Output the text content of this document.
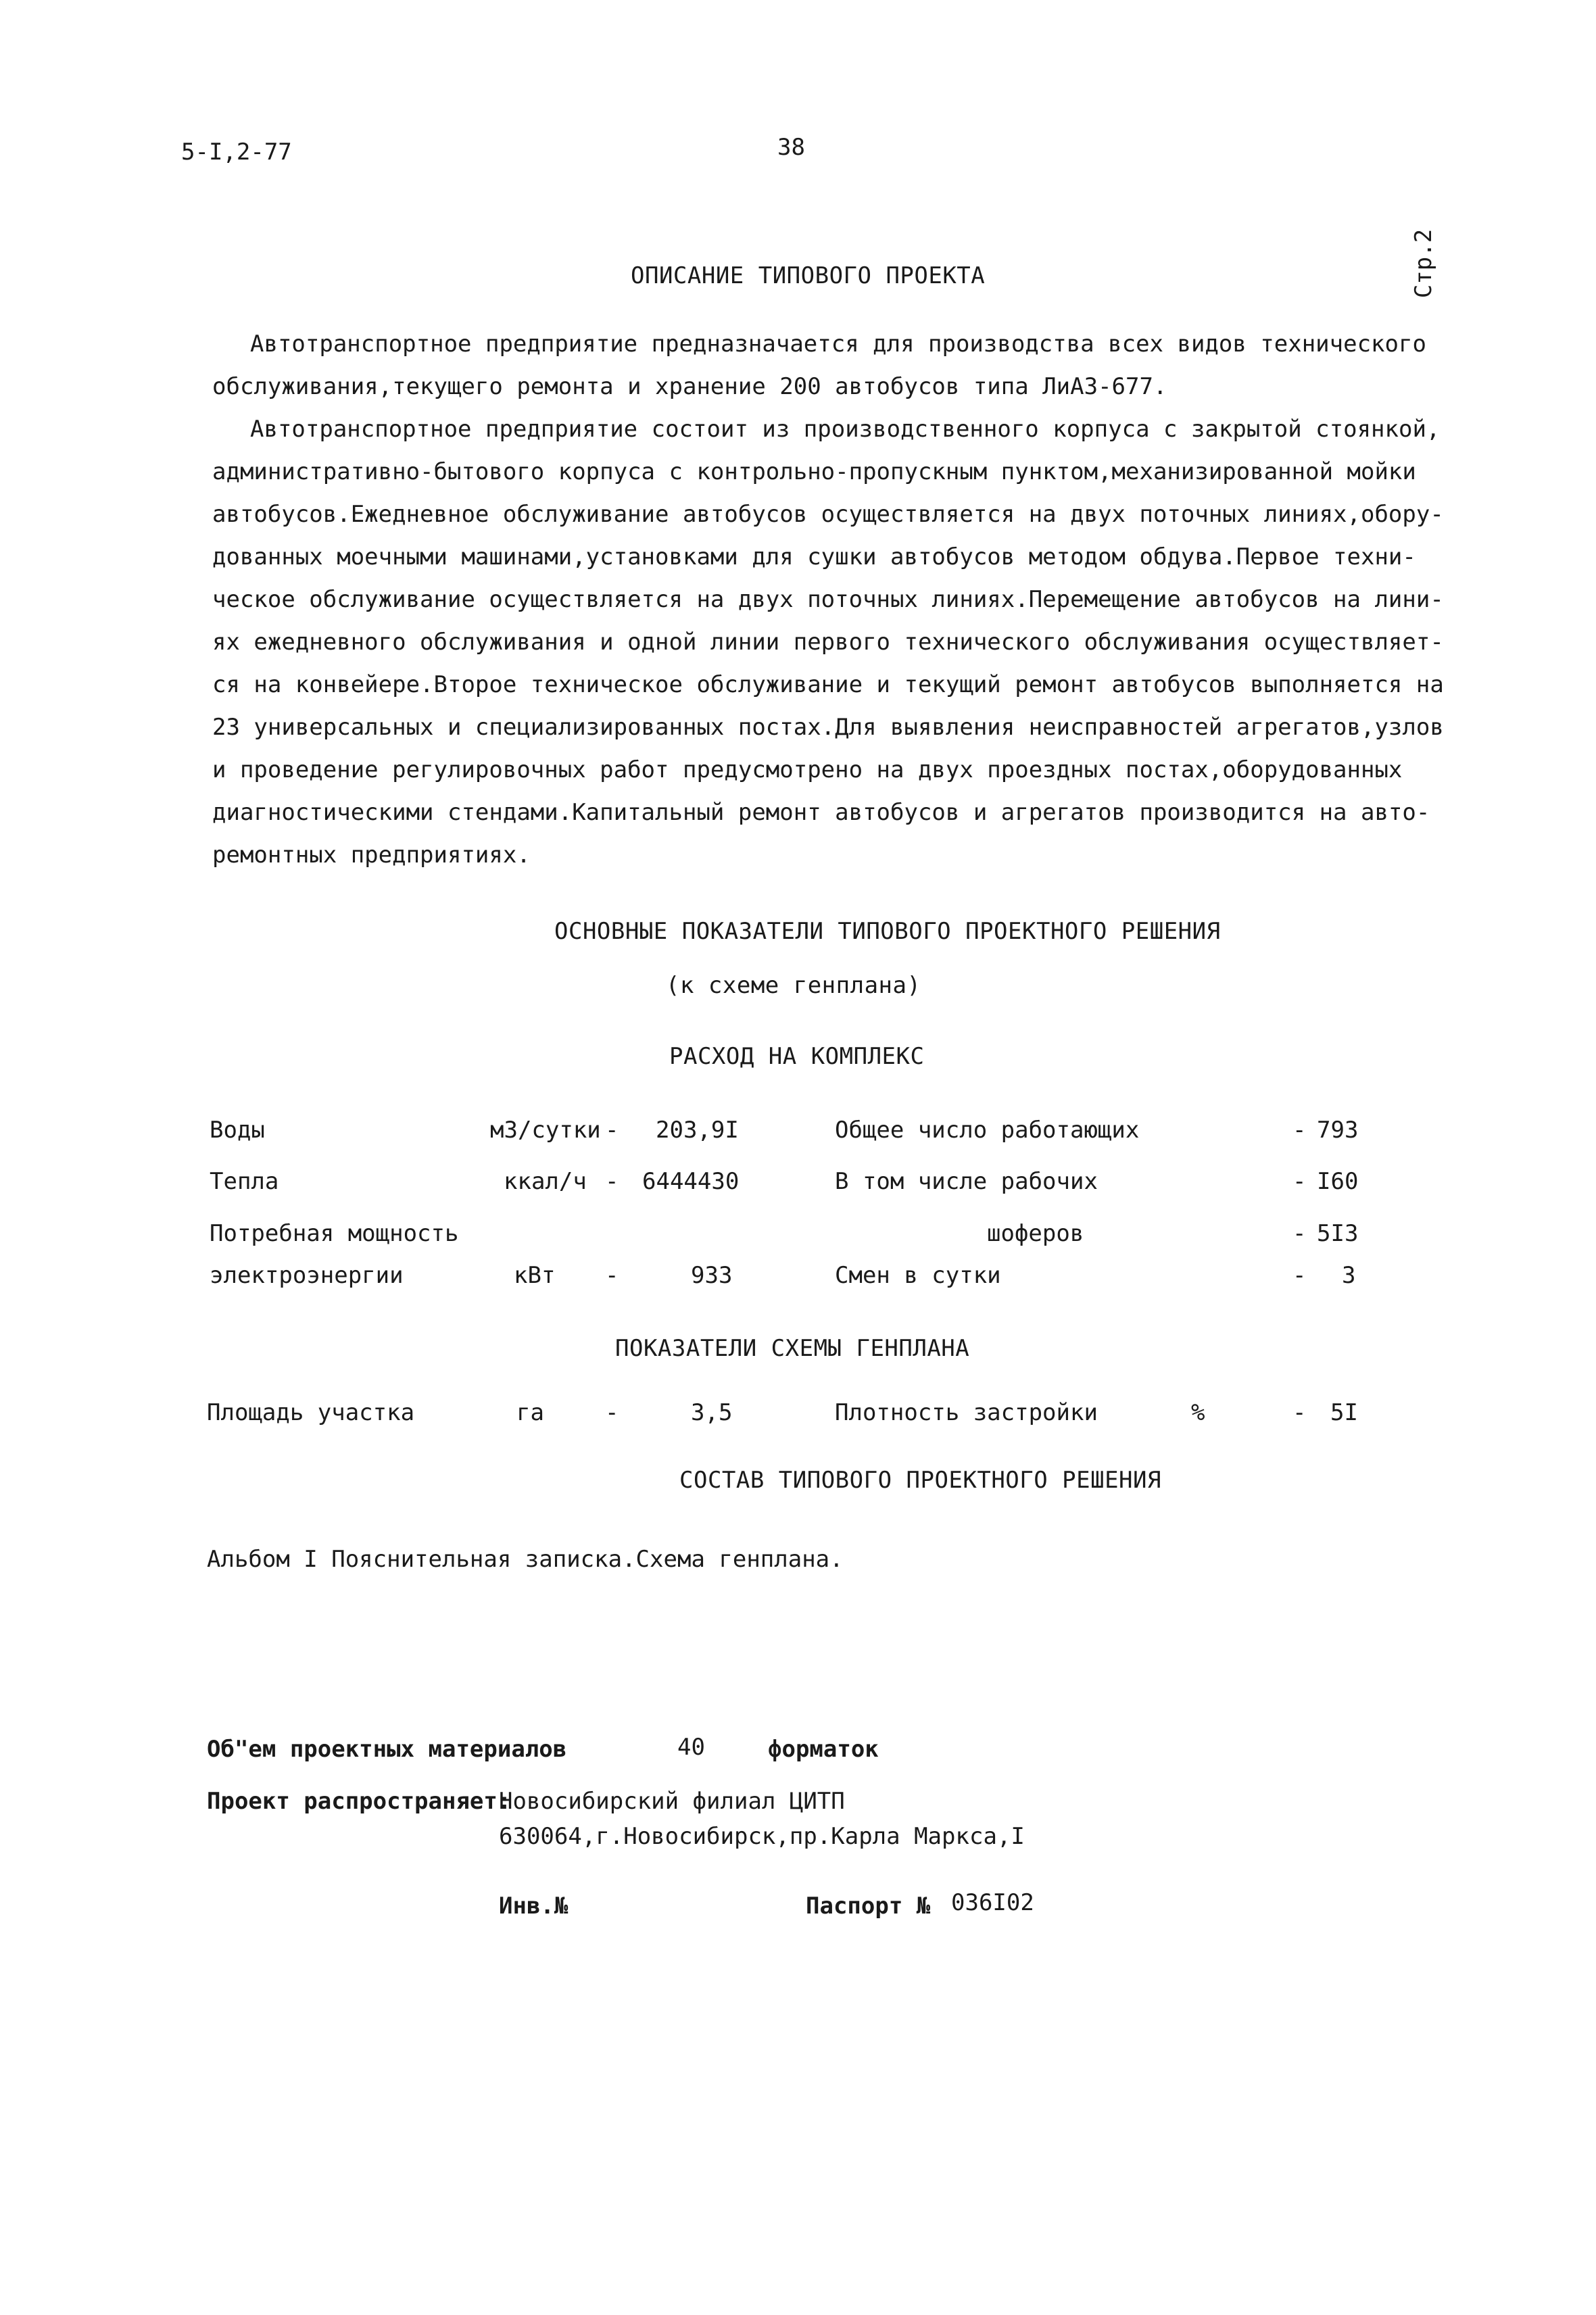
5-I,2-77	38
Стр.2
ОПИСАНИЕ ТИПОВОГО ПРОЕКТА
Автотранспортное предприятие предназначается для производства всех видов технического
обслуживания,текущего ремонта и хранение 200 автобусов типа ЛиАЗ-677.
Автотранспортное предприятие состоит из производственного корпуса с закрытой стоянкой,
административно-бытового корпуса с контрольно-пропускным пунктом,механизированной мойки
автобусов.Ежедневное обслуживание автобусов осуществляется на двух поточных линиях,обору-
дованных моечными машинами,установками для сушки автобусов методом обдува.Первое техни-
ческое обслуживание осуществляется на двух поточных линиях.Перемещение автобусов на лини-
ях ежедневного обслуживания и одной линии первого технического обслуживания осуществляет-
ся на конвейере.Второе техническое обслуживание и текущий ремонт автобусов выполняется на
23 универсальных и специализированных постах.Для выявления неисправностей агрегатов,узлов
и проведение регулировочных работ предусмотрено на двух проездных постах,оборудованных
диагностическими стендами.Капитальный ремонт автобусов и агрегатов производится на авто-
ремонтных предприятиях.
ОСНОВНЫЕ ПОКАЗАТЕЛИ ТИПОВОГО ПРОЕКТНОГО РЕШЕНИЯ
(к схеме генплана)
РАСХОД НА КОМПЛЕКС
Воды	м3/сутки - 203,9I	Общее число работающих	- 793
Тепла	ккал/ч - 6444430	В том числе рабочих	- I60
Потребная мощность	шоферов	- 5I3
электроэнергии	кВт -	933	Смен в сутки	- 3
ПОКАЗАТЕЛИ СХЕМЫ ГЕНПЛАНА
Площадь участка	га	-	3,5	Плотность застройки	%	- 5I
СОСТАВ ТИПОВОГО ПРОЕКТНОГО РЕШЕНИЯ
Альбом I Пояснительная записка.Схема генплана.
Об"ем проектных материалов	40	форматок
Проект распространяет:
Новосибирский филиал ЦИТП
630064,г.Новосибирск,пр.Карла Маркса,I
Инв.№	Паспорт № 036I02
